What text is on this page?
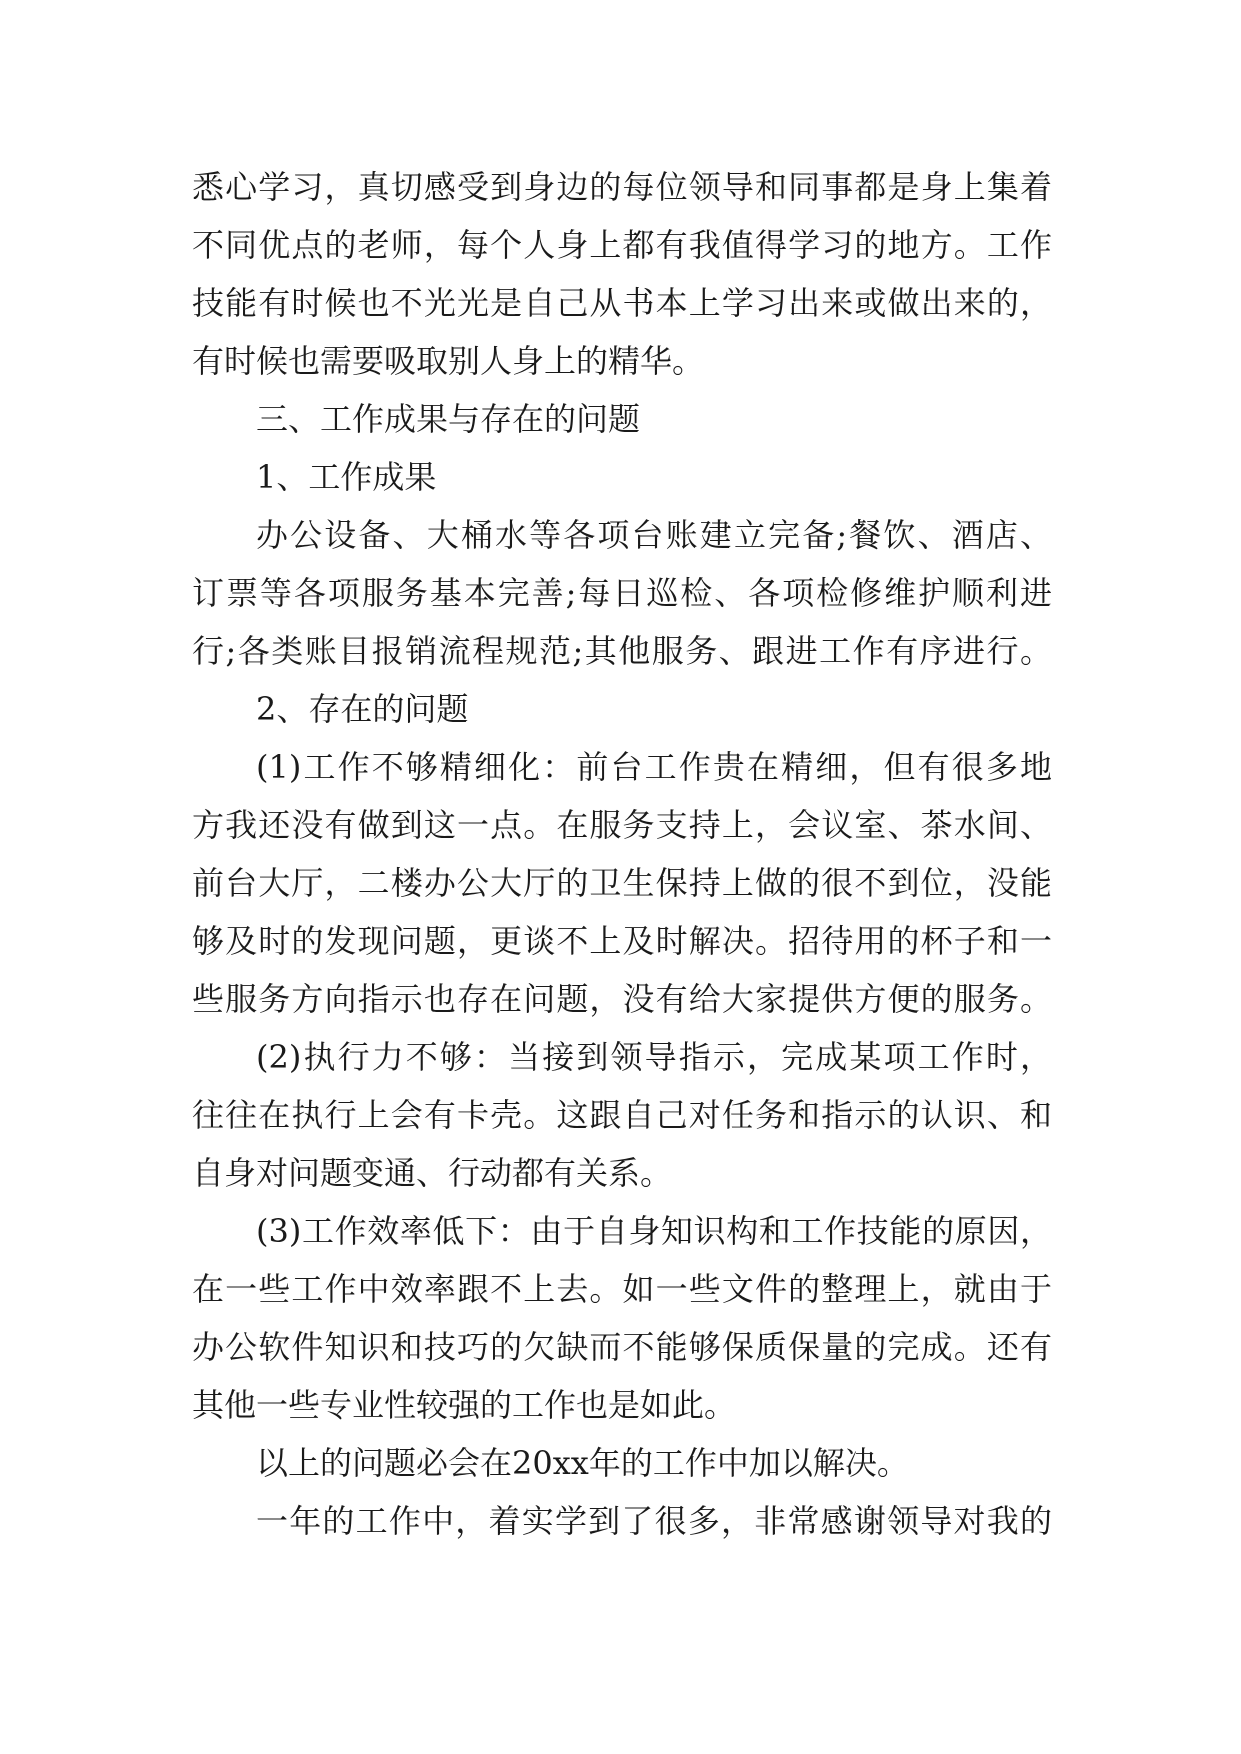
悉心学习，真切感受到身边的每位领导和同事都是身上集着
不同优点的老师，每个人身上都有我值得学习的地方。工作
技能有时候也不光光是自己从书本上学习出来或做出来的，
有时候也需要吸取别人身上的精华。
三、工作成果与存在的问题
1、工作成果
办公设备、大桶水等各项台账建立完备;餐饮、酒店、
订票等各项服务基本完善;每日巡检、各项检修维护顺利进
行;各类账目报销流程规范;其他服务、跟进工作有序进行。
2、存在的问题
(1)工作不够精细化：前台工作贵在精细，但有很多地
方我还没有做到这一点。在服务支持上，会议室、茶水间、
前台大厅，二楼办公大厅的卫生保持上做的很不到位，没能
够及时的发现问题，更谈不上及时解决。招待用的杯子和一
些服务方向指示也存在问题，没有给大家提供方便的服务。
(2)执行力不够：当接到领导指示，完成某项工作时，
往往在执行上会有卡壳。这跟自己对任务和指示的认识、和
自身对问题变通、行动都有关系。
(3)工作效率低下：由于自身知识构和工作技能的原因，
在一些工作中效率跟不上去。如一些文件的整理上，就由于
办公软件知识和技巧的欠缺而不能够保质保量的完成。还有
其他一些专业性较强的工作也是如此。
以上的问题必会在20xx年的工作中加以解决。
一年的工作中，着实学到了很多，非常感谢领导对我的
